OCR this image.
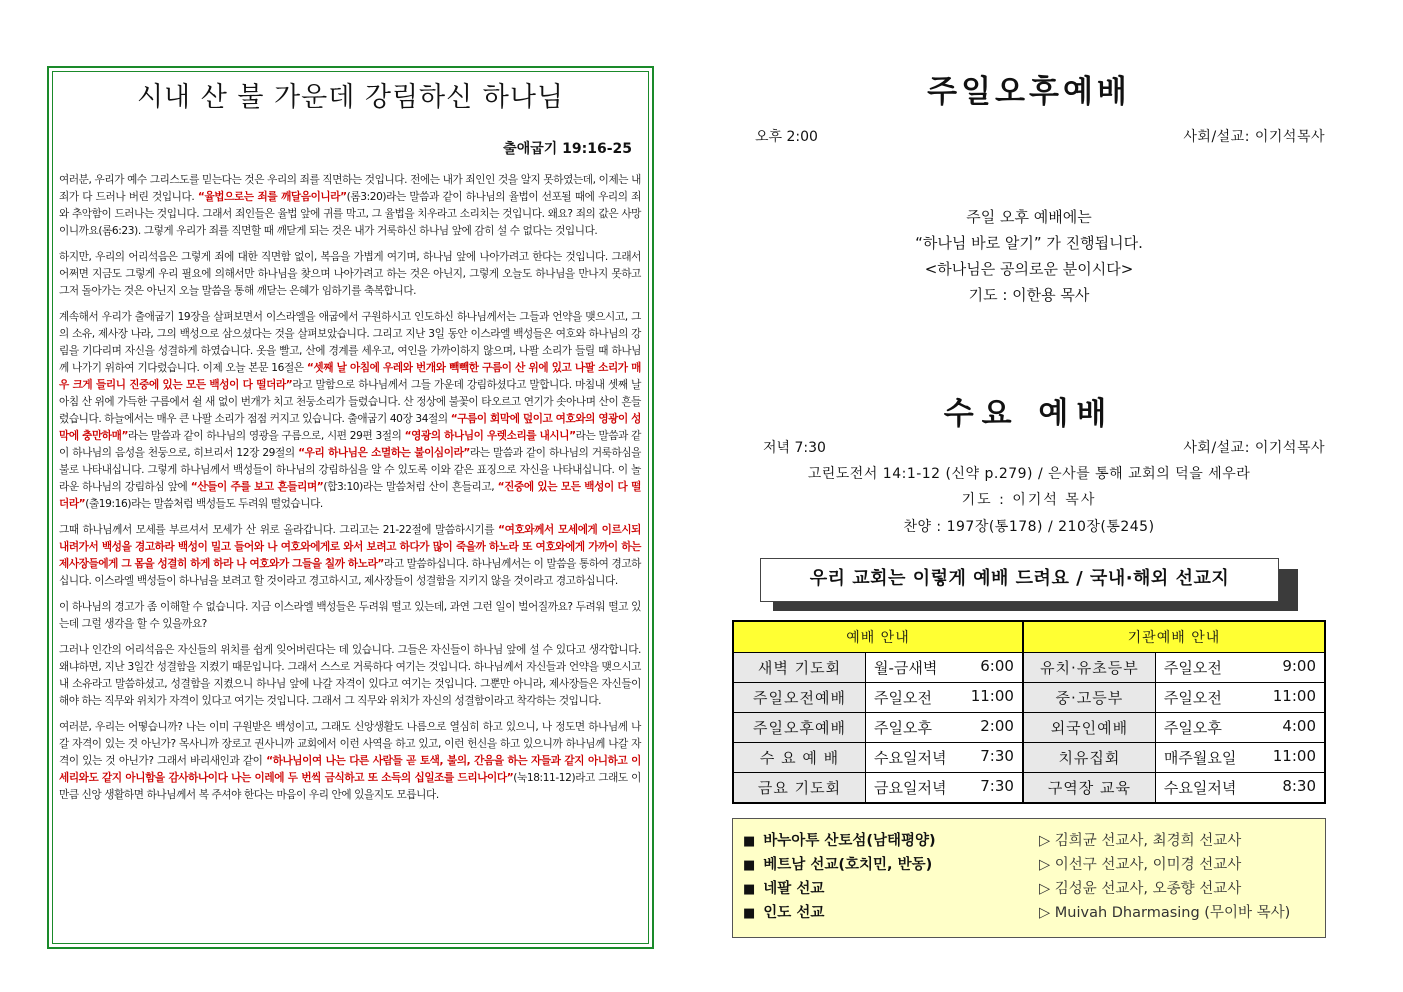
시내 산 불 가운데 강림하신 하나님
출애굽기 19:16-25

여러분, 우리가 예수 그리스도를 믿는다는 것은 우리의 죄를 직면하는 것입니다. 전에는 내가 죄인인 것을 알지 못하였는데, 이제는 내 죄가 다 드러나 버린 것입니다. “율법으로는 죄를 깨달음이니라”(롬3:20)라는 말씀과 같이 하나님의 율법이 선포될 때에 우리의 죄와 추악함이 드러나는 것입니다. 그래서 죄인들은 율법 앞에 귀를 막고, 그 율법을 치우라고 소리치는 것입니다. 왜요? 죄의 값은 사망이니까요(롬6:23). 그렇게 우리가 죄를 직면할 때 깨닫게 되는 것은 내가 거룩하신 하나님 앞에 감히 설 수 없다는 것입니다.

하지만, 우리의 어리석음은 그렇게 죄에 대한 직면함 없이, 복음을 가볍게 여기며, 하나님 앞에 나아가려고 한다는 것입니다. 그래서 어쩌면 지금도 그렇게 우리 필요에 의해서만 하나님을 찾으며 나아가려고 하는 것은 아닌지, 그렇게 오늘도 하나님을 만나지 못하고 그저 돌아가는 것은 아닌지 오늘 말씀을 통해 깨닫는 은혜가 임하기를 축복합니다.

계속해서 우리가 출애굽기 19장을 살펴보면서 이스라엘을 애굽에서 구원하시고 인도하신 하나님께서는 그들과 언약을 맺으시고, 그의 소유, 제사장 나라, 그의 백성으로 삼으셨다는 것을 살펴보았습니다. 그리고 지난 3일 동안 이스라엘 백성들은 여호와 하나님의 강림을 기다리며 자신을 성결하게 하였습니다. 옷을 빨고, 산에 경계를 세우고, 여인을 가까이하지 않으며, 나팔 소리가 들릴 때 하나님께 나가기 위하여 기다렸습니다. 이제 오늘 본문 16절은 “셋째 날 아침에 우레와 번개와 빽빽한 구름이 산 위에 있고 나팔 소리가 매우 크게 들리니 진중에 있는 모든 백성이 다 떨더라”라고 말함으로 하나님께서 그들 가운데 강림하셨다고 말합니다. 마침내 셋째 날 아침 산 위에 가득한 구름에서 쉴 새 없이 번개가 치고 천둥소리가 들렸습니다. 산 정상에 불꽃이 타오르고 연기가 솟아나며 산이 흔들렸습니다. 하늘에서는 매우 큰 나팔 소리가 점점 커지고 있습니다. 출애굽기 40장 34절의 “구름이 회막에 덮이고 여호와의 영광이 성막에 충만하매”라는 말씀과 같이 하나님의 영광을 구름으로, 시편 29편 3절의 “영광의 하나님이 우렛소리를 내시니”라는 말씀과 같이 하나님의 음성을 천둥으로, 히브리서 12장 29절의 “우리 하나님은 소멸하는 불이심이라”라는 말씀과 같이 하나님의 거룩하심을 불로 나타내십니다. 그렇게 하나님께서 백성들이 하나님의 강림하심을 알 수 있도록 이와 같은 표징으로 자신을 나타내십니다. 이 놀라운 하나님의 강림하심 앞에 “산들이 주를 보고 흔들리며”(합3:10)라는 말씀처럼 산이 흔들리고, “진중에 있는 모든 백성이 다 떨더라”(출19:16)라는 말씀처럼 백성들도 두려워 떨었습니다.

그때 하나님께서 모세를 부르셔서 모세가 산 위로 올라갑니다. 그리고는 21-22절에 말씀하시기를 “여호와께서 모세에게 이르시되 내려가서 백성을 경고하라 백성이 밀고 들어와 나 여호와에게로 와서 보려고 하다가 많이 죽을까 하노라 또 여호와에게 가까이 하는 제사장들에게 그 몸을 성결히 하게 하라 나 여호와가 그들을 칠까 하노라”라고 말씀하십니다. 하나님께서는 이 말씀을 통하여 경고하십니다. 이스라엘 백성들이 하나님을 보려고 할 것이라고 경고하시고, 제사장들이 성결함을 지키지 않을 것이라고 경고하십니다.

이 하나님의 경고가 좀 이해할 수 없습니다. 지금 이스라엘 백성들은 두려워 떨고 있는데, 과연 그런 일이 벌어질까요? 두려워 떨고 있는데 그럴 생각을 할 수 있을까요?

그러나 인간의 어리석음은 자신들의 위치를 쉽게 잊어버린다는 데 있습니다. 그들은 자신들이 하나님 앞에 설 수 있다고 생각합니다. 왜냐하면, 지난 3일간 성결함을 지켰기 때문입니다. 그래서 스스로 거룩하다 여기는 것입니다. 하나님께서 자신들과 언약을 맺으시고 내 소유라고 말씀하셨고, 성결함을 지켰으니 하나님 앞에 나갈 자격이 있다고 여기는 것입니다. 그뿐만 아니라, 제사장들은 자신들이 해야 하는 직무와 위치가 자격이 있다고 여기는 것입니다. 그래서 그 직무와 위치가 자신의 성결함이라고 착각하는 것입니다.

여러분, 우리는 어떻습니까? 나는 이미 구원받은 백성이고, 그래도 신앙생활도 나름으로 열심히 하고 있으니, 나 정도면 하나님께 나갈 자격이 있는 것 아닌가? 목사니까 장로고 권사니까 교회에서 이런 사역을 하고 있고, 이런 헌신을 하고 있으니까 하나님께 나갈 자격이 있는 것 아닌가? 그래서 바리새인과 같이 “하나님이여 나는 다른 사람들 곧 토색, 불의, 간음을 하는 자들과 같지 아니하고 이 세리와도 같지 아니함을 감사하나이다 나는 이레에 두 번씩 금식하고 또 소득의 십일조를 드리나이다”(눅18:11-12)라고 그래도 이만큼 신앙 생활하면 하나님께서 복 주셔야 한다는 마음이 우리 안에 있을지도 모릅니다.

주일오후예배
오후 2:00	사회/설교: 이기석목사
주일 오후 예배에는
“하나님 바로 알기” 가 진행됩니다.
<하나님은 공의로운 분이시다>
기도 : 이한용 목사
수요 예배
저녁 7:30	사회/설교: 이기석목사
고린도전서 14:1-12 (신약 p.279) / 은사를 통해 교회의 덕을 세우라
기도 : 이기석 목사
찬양 : 197장(통178) / 210장(통245)
우리 교회는 이렇게 예배 드려요 / 국내·해외 선교지
예배 안내		기관예배 안내	
새벽 기도회	월-금새벽 6:00	유치·유초등부	주일오전 9:00

주일오전예배	주일오전 11:00	중·고등부	주일오전 11:00

주일오후예배	주일오후 2:00	외국인예배	주일오후 4:00

수 요 예 배	수요일저녁 7:30	치유집회	매주월요일 11:00

금요 기도회	금요일저녁 7:30	구역장 교육	수요일저녁 8:30
■ 바누아투 산토섬(남태평양)	▷ 김희균 선교사, 최경희 선교사
■ 베트남 선교(호치민, 반동)	▷ 이선구 선교사, 이미경 선교사
■ 네팔 선교	▷ 김성윤 선교사, 오종향 선교사
■ 인도 선교	▷ Muivah Dharmasing (무이바 목사)
